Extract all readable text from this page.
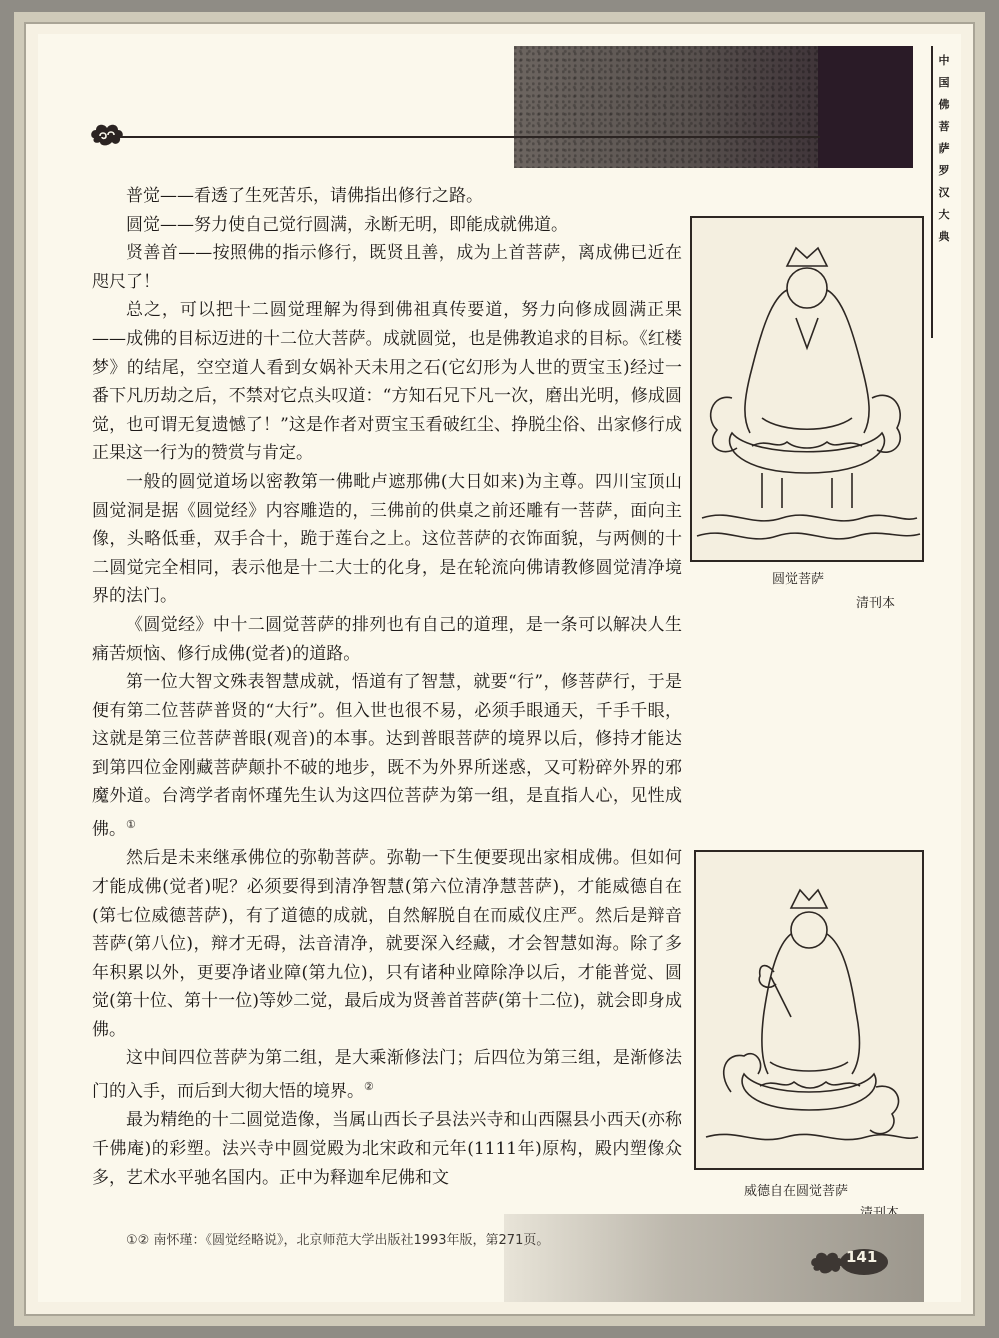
中国佛菩萨罗汉大典

普觉——看透了生死苦乐，请佛指出修行之路。

圆觉——努力使自己觉行圆满，永断无明，即能成就佛道。

贤善首——按照佛的指示修行，既贤且善，成为上首菩萨，离成佛已近在咫尺了！

总之，可以把十二圆觉理解为得到佛祖真传要道，努力向修成圆满正果——成佛的目标迈进的十二位大菩萨。成就圆觉，也是佛教追求的目标。《红楼梦》的结尾，空空道人看到女娲补天未用之石(它幻形为人世的贾宝玉)经过一番下凡历劫之后，不禁对它点头叹道：“方知石兄下凡一次，磨出光明，修成圆觉，也可谓无复遗憾了！”这是作者对贾宝玉看破红尘、挣脱尘俗、出家修行成正果这一行为的赞赏与肯定。

一般的圆觉道场以密教第一佛毗卢遮那佛(大日如来)为主尊。四川宝顶山圆觉洞是据《圆觉经》内容雕造的，三佛前的供桌之前还雕有一菩萨，面向主像，头略低垂，双手合十，跪于莲台之上。这位菩萨的衣饰面貌，与两侧的十二圆觉完全相同，表示他是十二大士的化身，是在轮流向佛请教修圆觉清净境界的法门。

《圆觉经》中十二圆觉菩萨的排列也有自己的道理，是一条可以解决人生痛苦烦恼、修行成佛(觉者)的道路。

第一位大智文殊表智慧成就，悟道有了智慧，就要“行”，修菩萨行，于是便有第二位菩萨普贤的“大行”。但入世也很不易，必须手眼通天，千手千眼，这就是第三位菩萨普眼(观音)的本事。达到普眼菩萨的境界以后，修持才能达到第四位金刚藏菩萨颠扑不破的地步，既不为外界所迷惑，又可粉碎外界的邪魔外道。台湾学者南怀瑾先生认为这四位菩萨为第一组，是直指人心，见性成佛。①

然后是未来继承佛位的弥勒菩萨。弥勒一下生便要现出家相成佛。但如何才能成佛(觉者)呢？必须要得到清净智慧(第六位清净慧菩萨)，才能威德自在(第七位威德菩萨)，有了道德的成就，自然解脱自在而威仪庄严。然后是辩音菩萨(第八位)，辩才无碍，法音清净，就要深入经藏，才会智慧如海。除了多年积累以外，更要净诸业障(第九位)，只有诸种业障除净以后，才能普觉、圆觉(第十位、第十一位)等妙二觉，最后成为贤善首菩萨(第十二位)，就会即身成佛。

这中间四位菩萨为第二组，是大乘渐修法门；后四位为第三组，是渐修法门的入手，而后到大彻大悟的境界。②

最为精绝的十二圆觉造像，当属山西长子县法兴寺和山西隰县小西天(亦称千佛庵)的彩塑。法兴寺中圆觉殿为北宋政和元年(1111年)原构，殿内塑像众多，艺术水平驰名国内。正中为释迦牟尼佛和文

圆觉菩萨
清刊本
威德自在圆觉菩萨
①② 南怀瑾：《圆觉经略说》，北京师范大学出版社1993年版，第271页。
141
